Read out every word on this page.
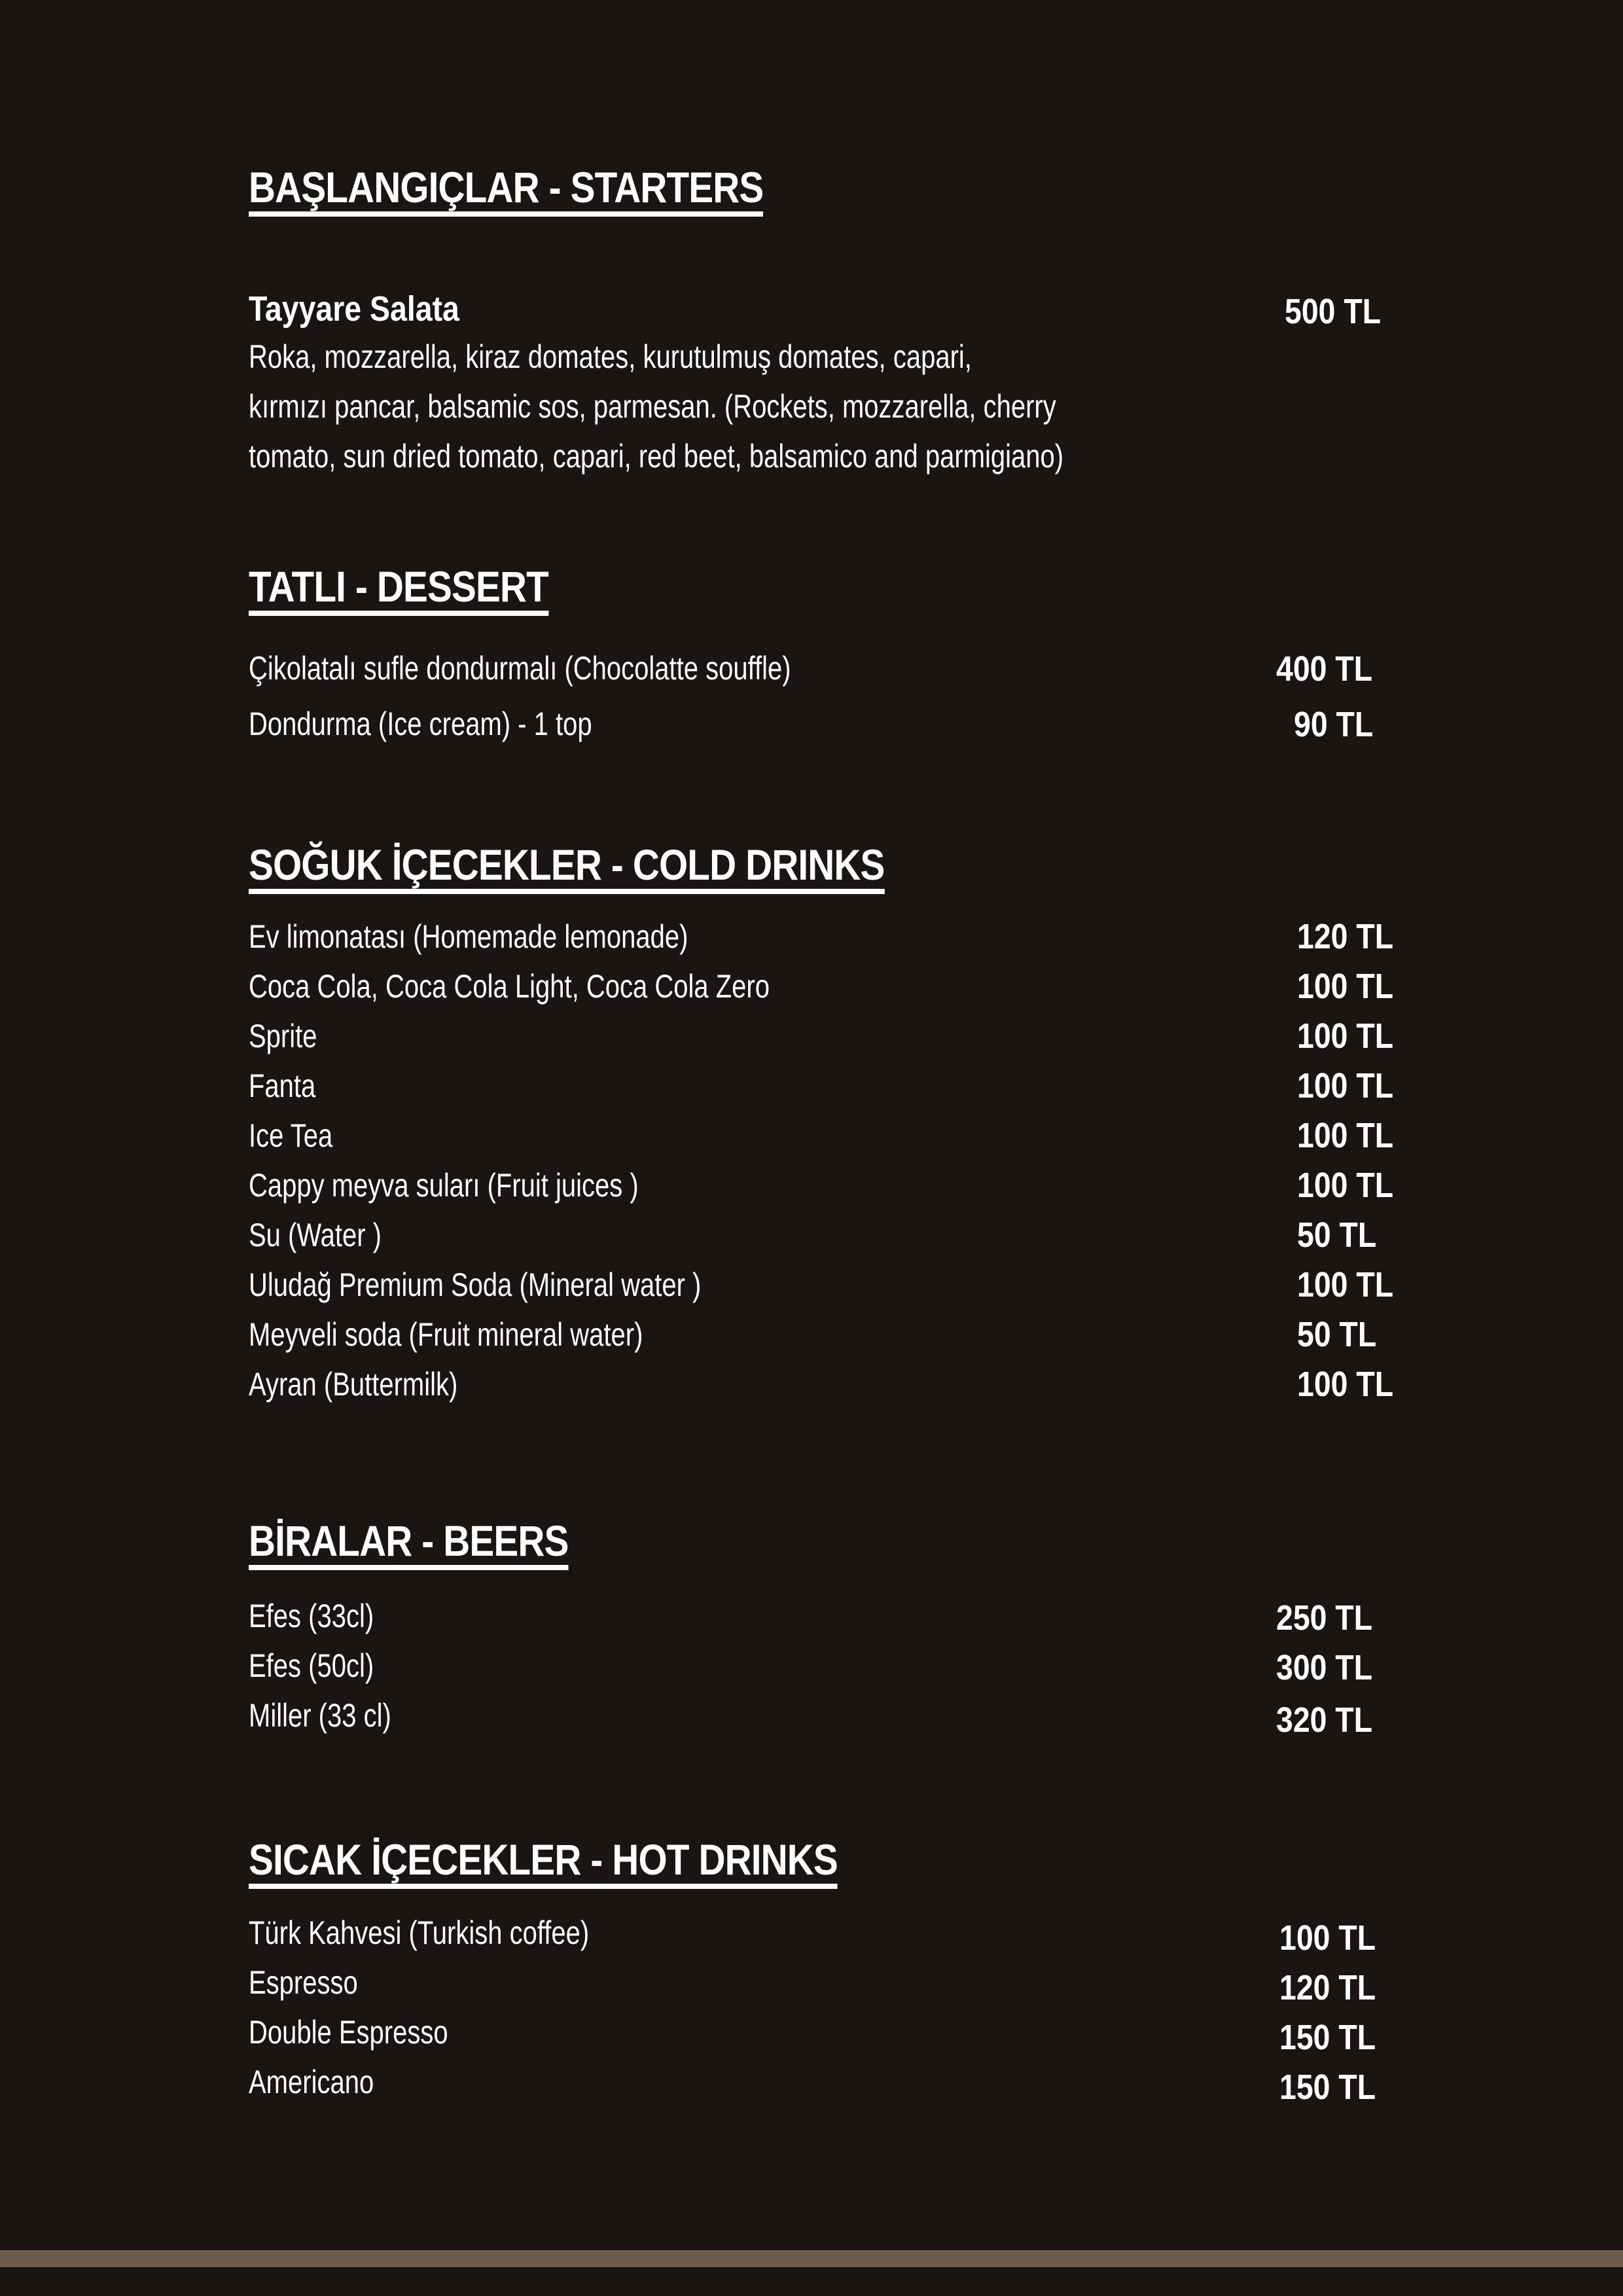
BAŞLANGIÇLAR - STARTERS
Tayyare Salata	500 TL
Roka, mozzarella, kiraz domates, kurutulmuş domates, capari,
kırmızı pancar, balsamic sos, parmesan. (Rockets, mozzarella, cherry
tomato, sun dried tomato, capari, red beet, balsamico and parmigiano)
TATLI - DESSERT
Çikolatalı sufle dondurmalı (Chocolatte souffle)	400 TL
Dondurma (Ice cream) - 1 top	90 TL
SOĞUK İÇECEKLER - COLD DRINKS
Ev limonatası (Homemade lemonade)	120 TL
Coca Cola, Coca Cola Light, Coca Cola Zero	100 TL
Sprite	100 TL
Fanta	100 TL
Ice Tea	100 TL
Cappy meyva suları (Fruit juices )	100 TL
Su (Water )	50 TL
Uludağ Premium Soda (Mineral water )	100 TL
Meyveli soda (Fruit mineral water)	50 TL
Ayran (Buttermilk)	100 TL
BİRALAR - BEERS
Efes (33cl)	250 TL
Efes (50cl)	300 TL
Miller (33 cl)	320 TL
SICAK İÇECEKLER - HOT DRINKS
Türk Kahvesi (Turkish coffee)	100 TL
Espresso	120 TL
Double Espresso	150 TL
Americano	150 TL
